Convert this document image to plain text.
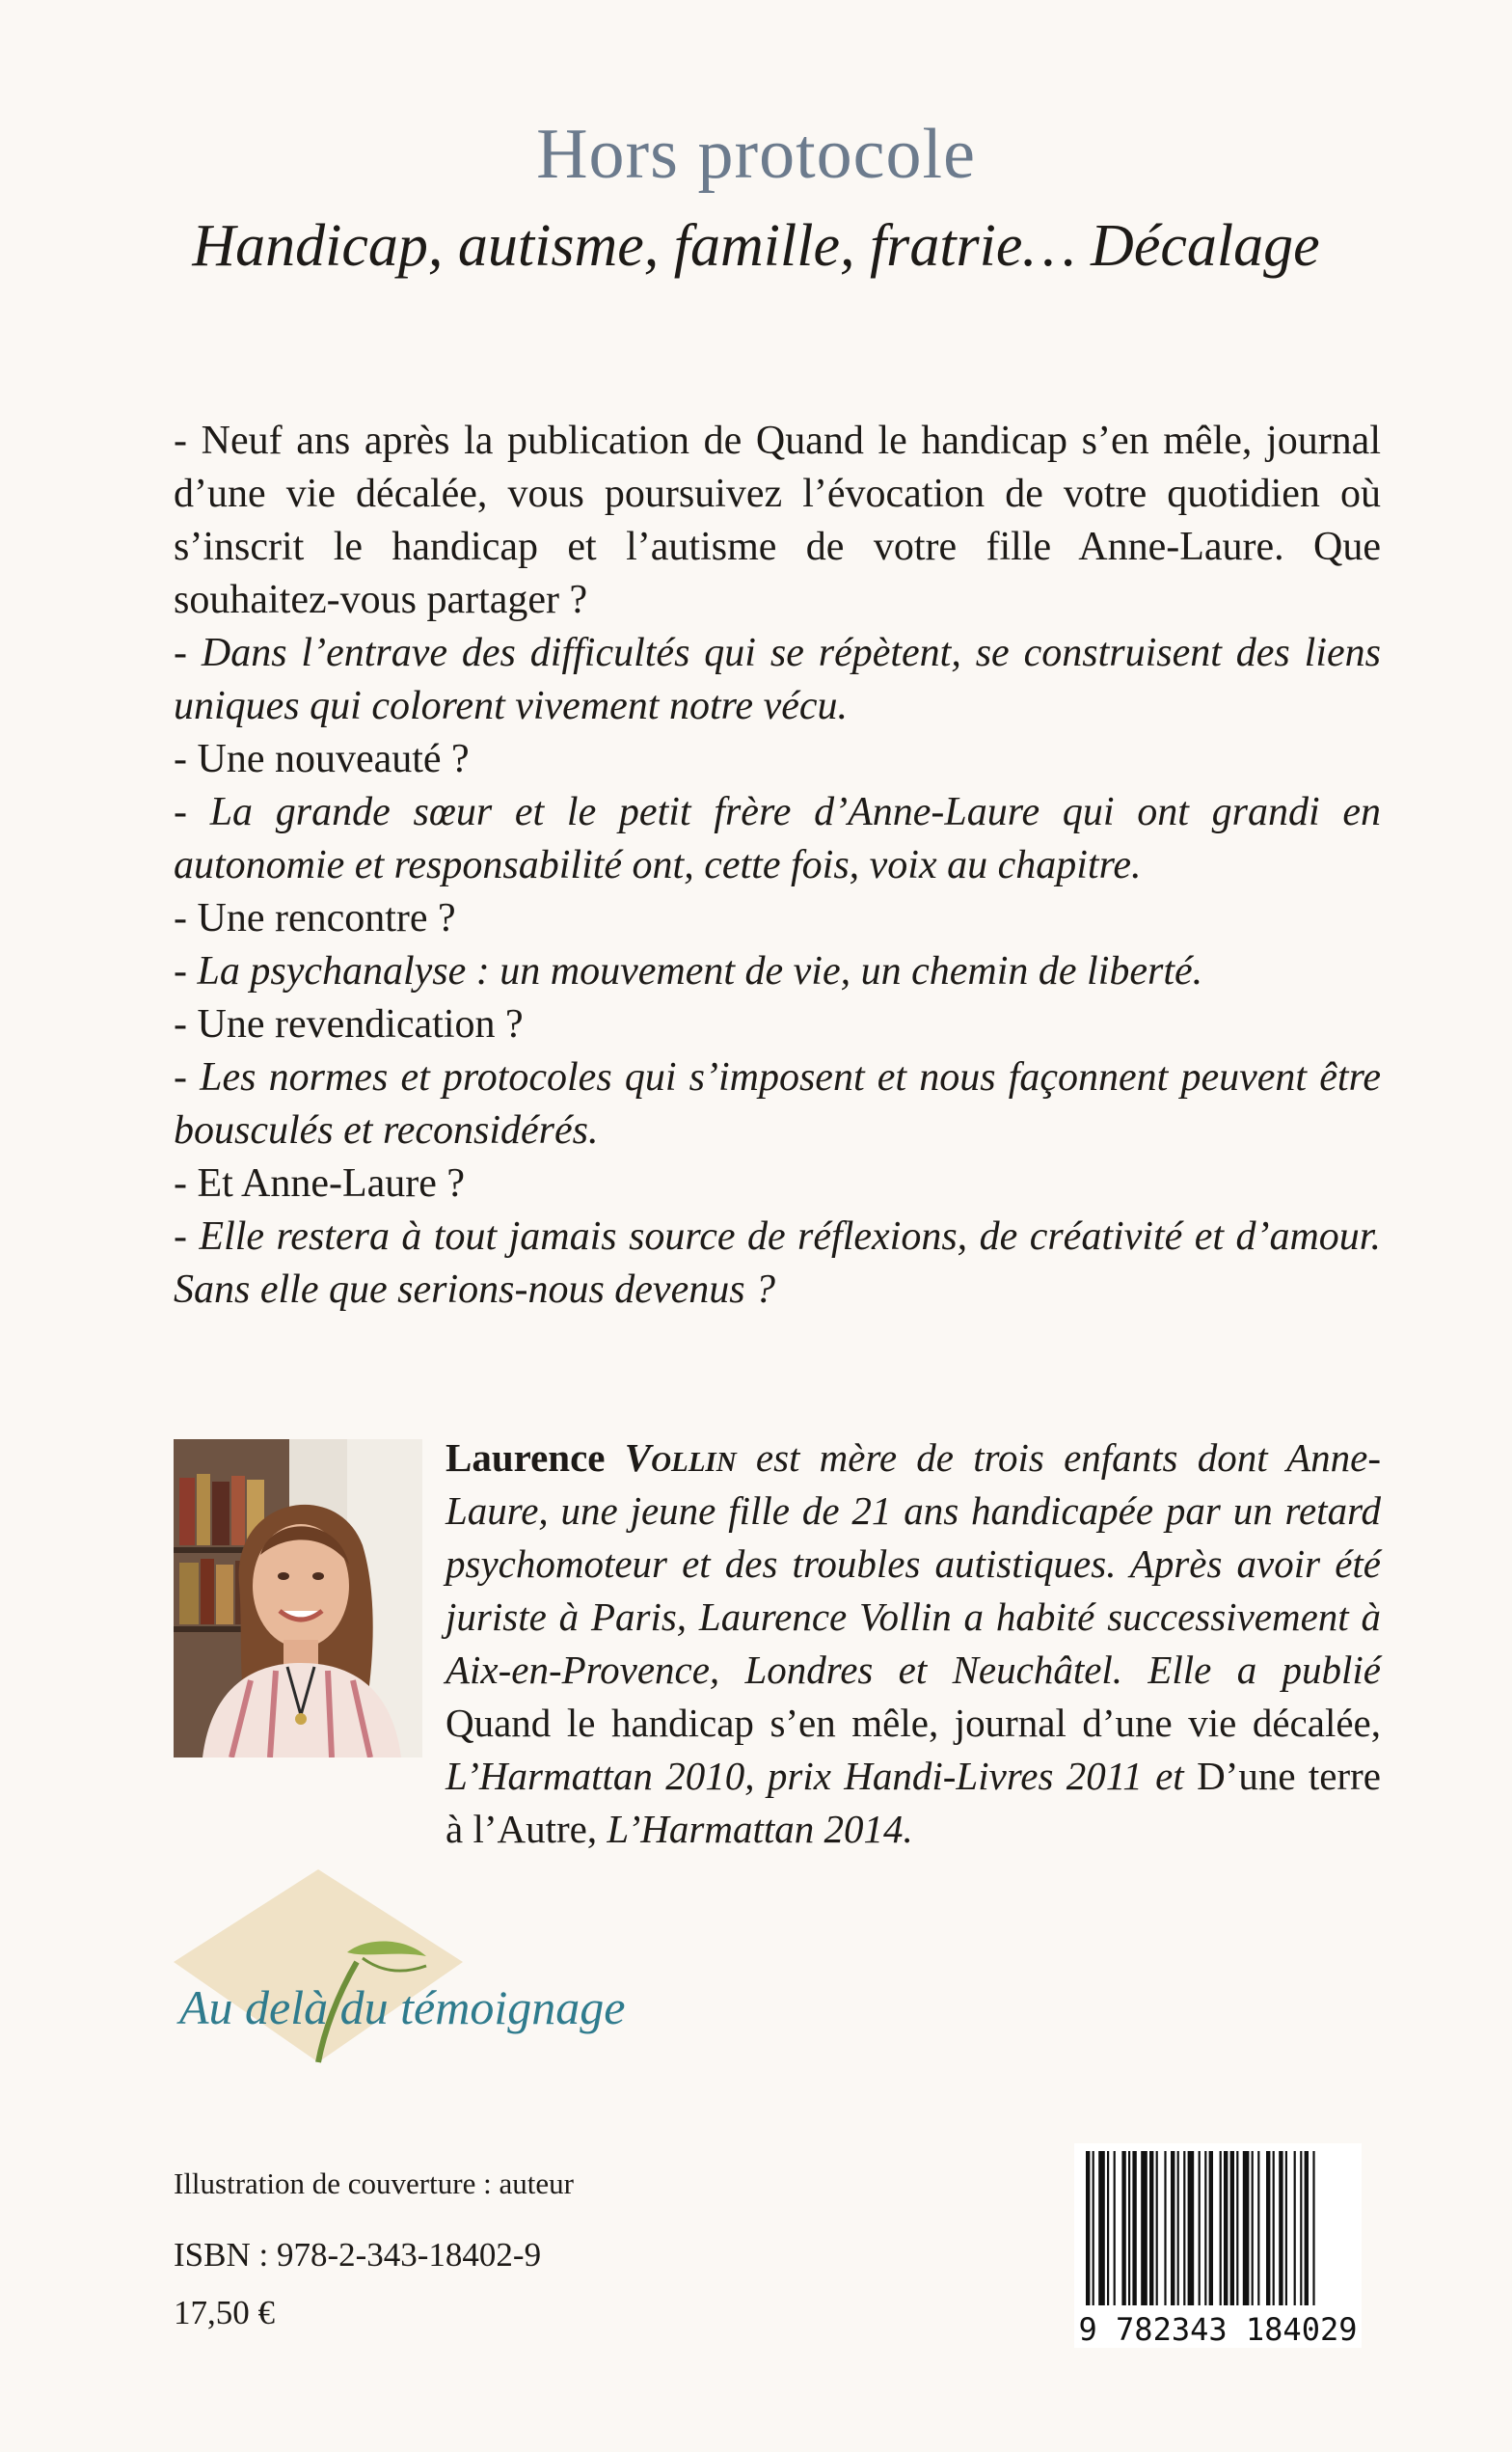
Hors protocole
Handicap, autisme, famille, fratrie… Décalage

- Neuf ans après la publication de Quand le handicap s’en mêle, journal d’une vie décalée, vous poursuivez l’évocation de votre quotidien où s’inscrit le handicap et l’autisme de votre fille Anne-Laure. Que souhaitez-vous partager ?

- Dans l’entrave des difficultés qui se répètent, se construisent des liens uniques qui colorent vivement notre vécu.

- Une nouveauté ?

- La grande sœur et le petit frère d’Anne-Laure qui ont grandi en autonomie et responsabilité ont, cette fois, voix au chapitre.

- Une rencontre ?

- La psychanalyse : un mouvement de vie, un chemin de liberté.

- Une revendication ?

- Les normes et protocoles qui s’imposent et nous façonnent peuvent être bousculés et reconsidérés.

- Et Anne-Laure ?

- Elle restera à tout jamais source de réflexions, de créativité et d’amour. Sans elle que serions-nous devenus ?

Laurence Vollin est mère de trois enfants dont Anne-Laure, une jeune fille de 21 ans handicapée par un retard psychomoteur et des troubles autistiques. Après avoir été juriste à Paris, Laurence Vollin a habité successivement à Aix-en-Provence, Londres et Neuchâtel. Elle a publié Quand le handicap s’en mêle, journal d’une vie décalée, L’Harmattan 2010, prix Handi-Livres 2011 et D’une terre à l’Autre, L’Harmattan 2014.

Au delà du témoignage
Illustration de couverture : auteur
ISBN : 978-2-343-18402-9
17,50 €	9 782343 184029
